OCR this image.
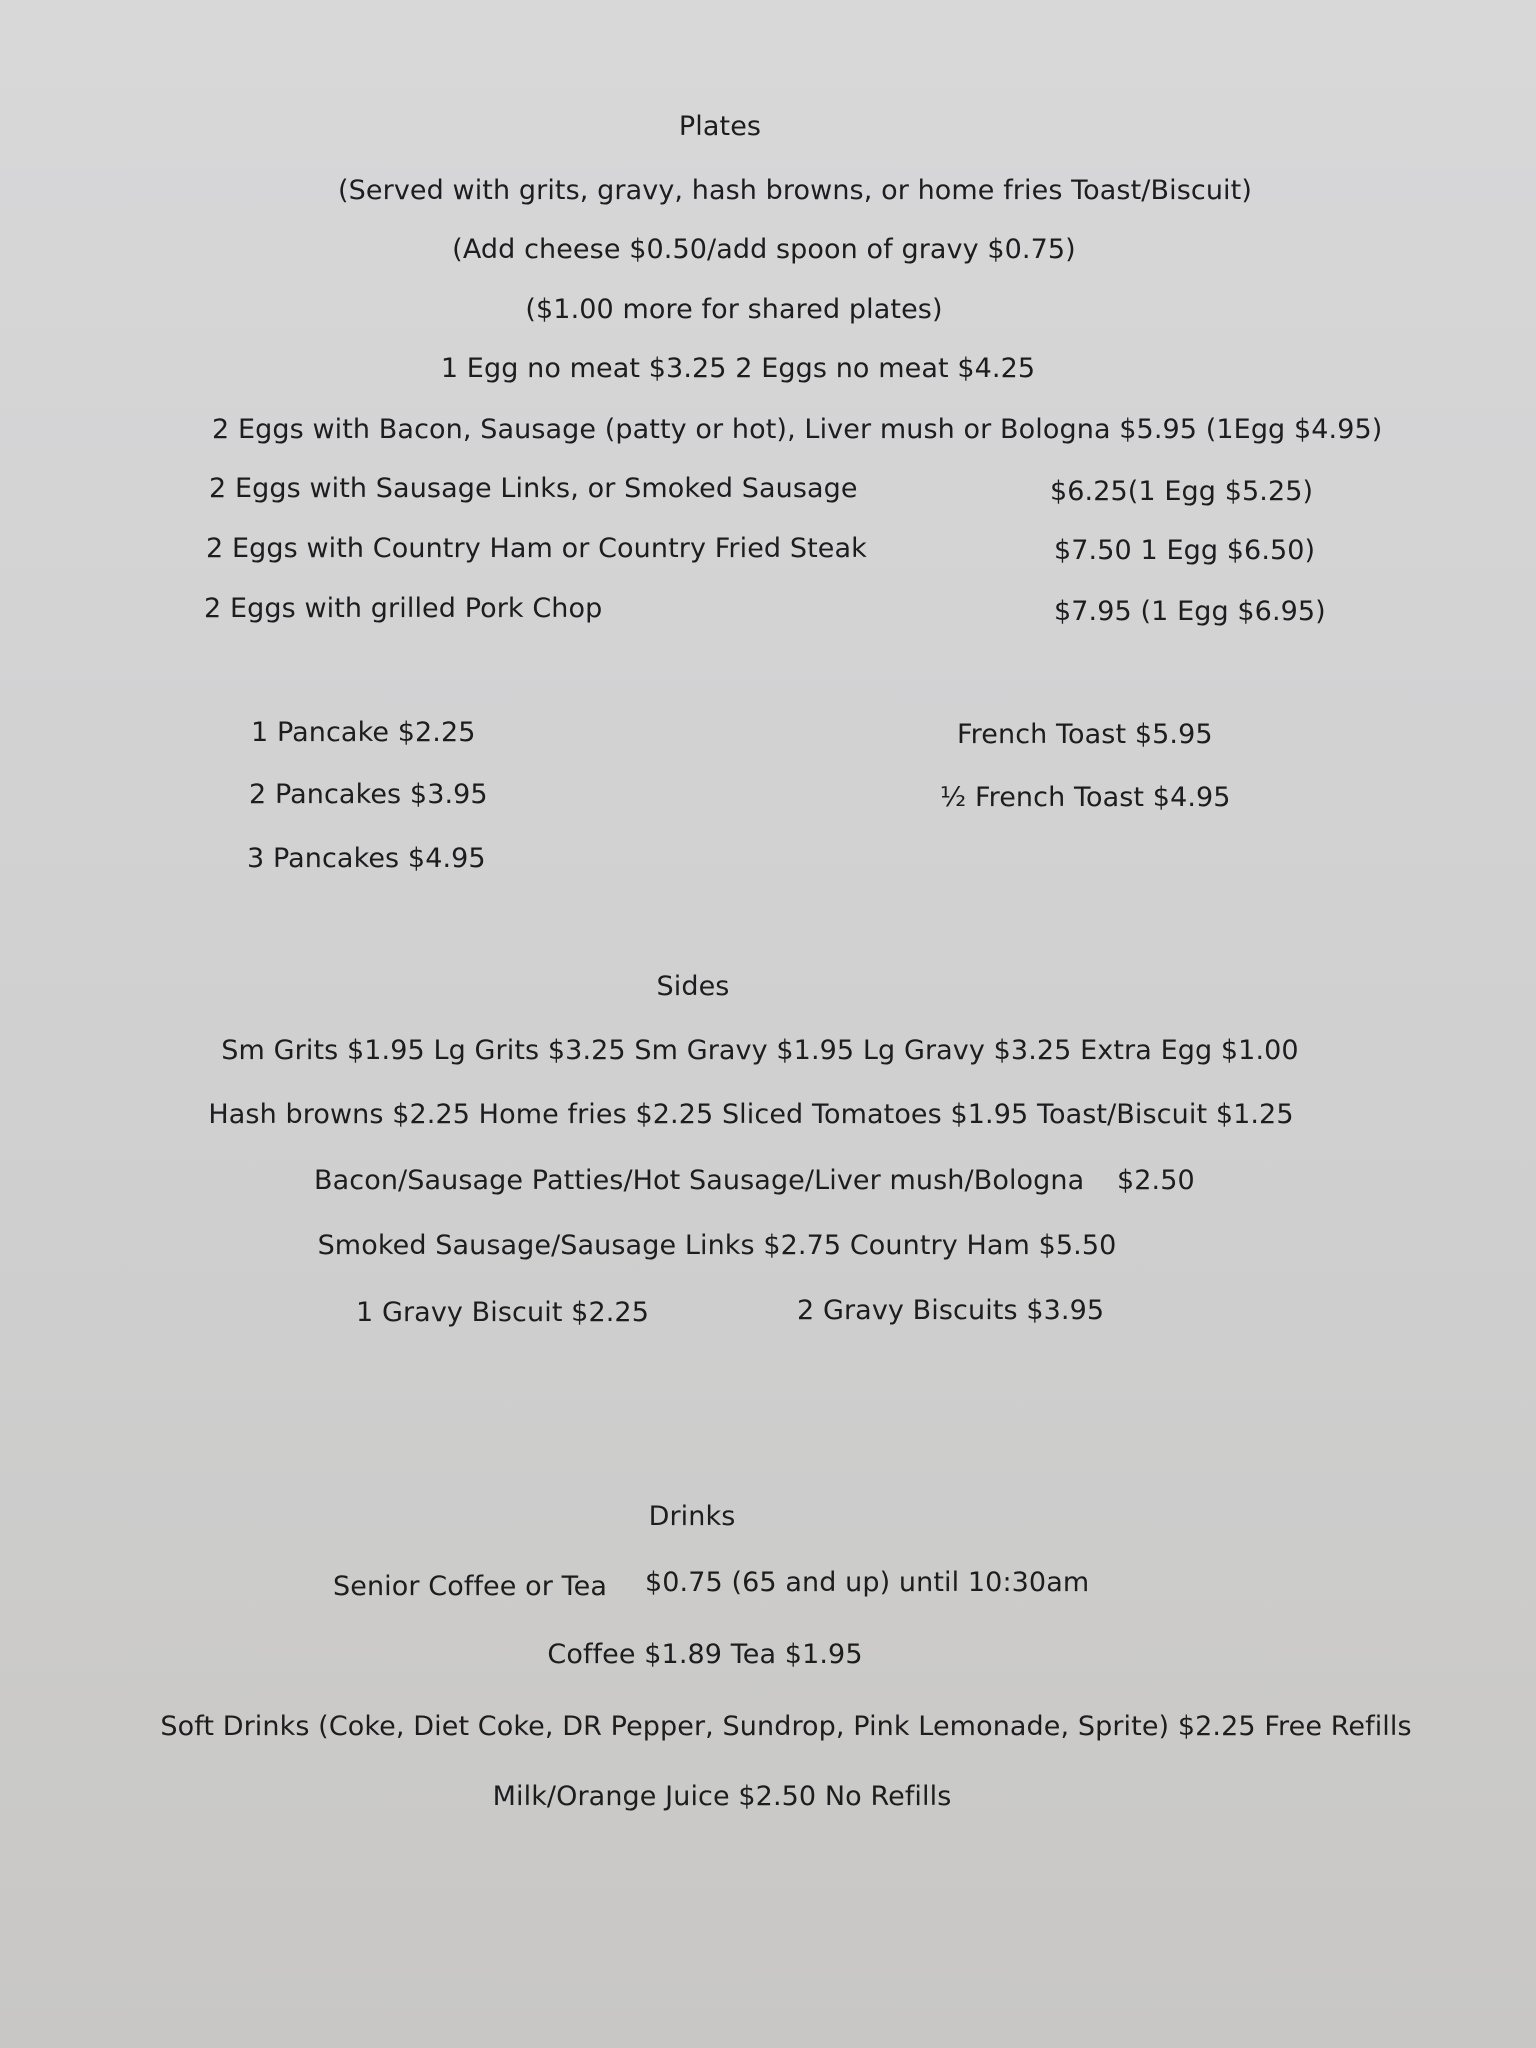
Plates
(Served with grits, gravy, hash browns, or home fries Toast/Biscuit)
(Add cheese $0.50/add spoon of gravy $0.75)
($1.00 more for shared plates)
1 Egg no meat $3.25 2 Eggs no meat $4.25
2 Eggs with Bacon, Sausage (patty or hot), Liver mush or Bologna $5.95 (1Egg $4.95)
2 Eggs with Sausage Links, or Smoked Sausage	$6.25(1 Egg $5.25)
2 Eggs with Country Ham or Country Fried Steak	$7.50 1 Egg $6.50)
2 Eggs with grilled Pork Chop	$7.95 (1 Egg $6.95)
1 Pancake $2.25
2 Pancakes $3.95
3 Pancakes $4.95
French Toast $5.95
½ French Toast $4.95
Sides
Sm Grits $1.95 Lg Grits $3.25 Sm Gravy $1.95 Lg Gravy $3.25 Extra Egg $1.00
Hash browns $2.25 Home fries $2.25 Sliced Tomatoes $1.95 Toast/Biscuit $1.25
Bacon/Sausage Patties/Hot Sausage/Liver mush/Bologna $2.50
Smoked Sausage/Sausage Links $2.75 Country Ham $5.50
1 Gravy Biscuit $2.25	2 Gravy Biscuits $3.95
Drinks
Senior Coffee or Tea $0.75 (65 and up) until 10:30am
Coffee $1.89 Tea $1.95
Soft Drinks (Coke, Diet Coke, DR Pepper, Sundrop, Pink Lemonade, Sprite) $2.25 Free Refills
Milk/Orange Juice $2.50 No Refills
